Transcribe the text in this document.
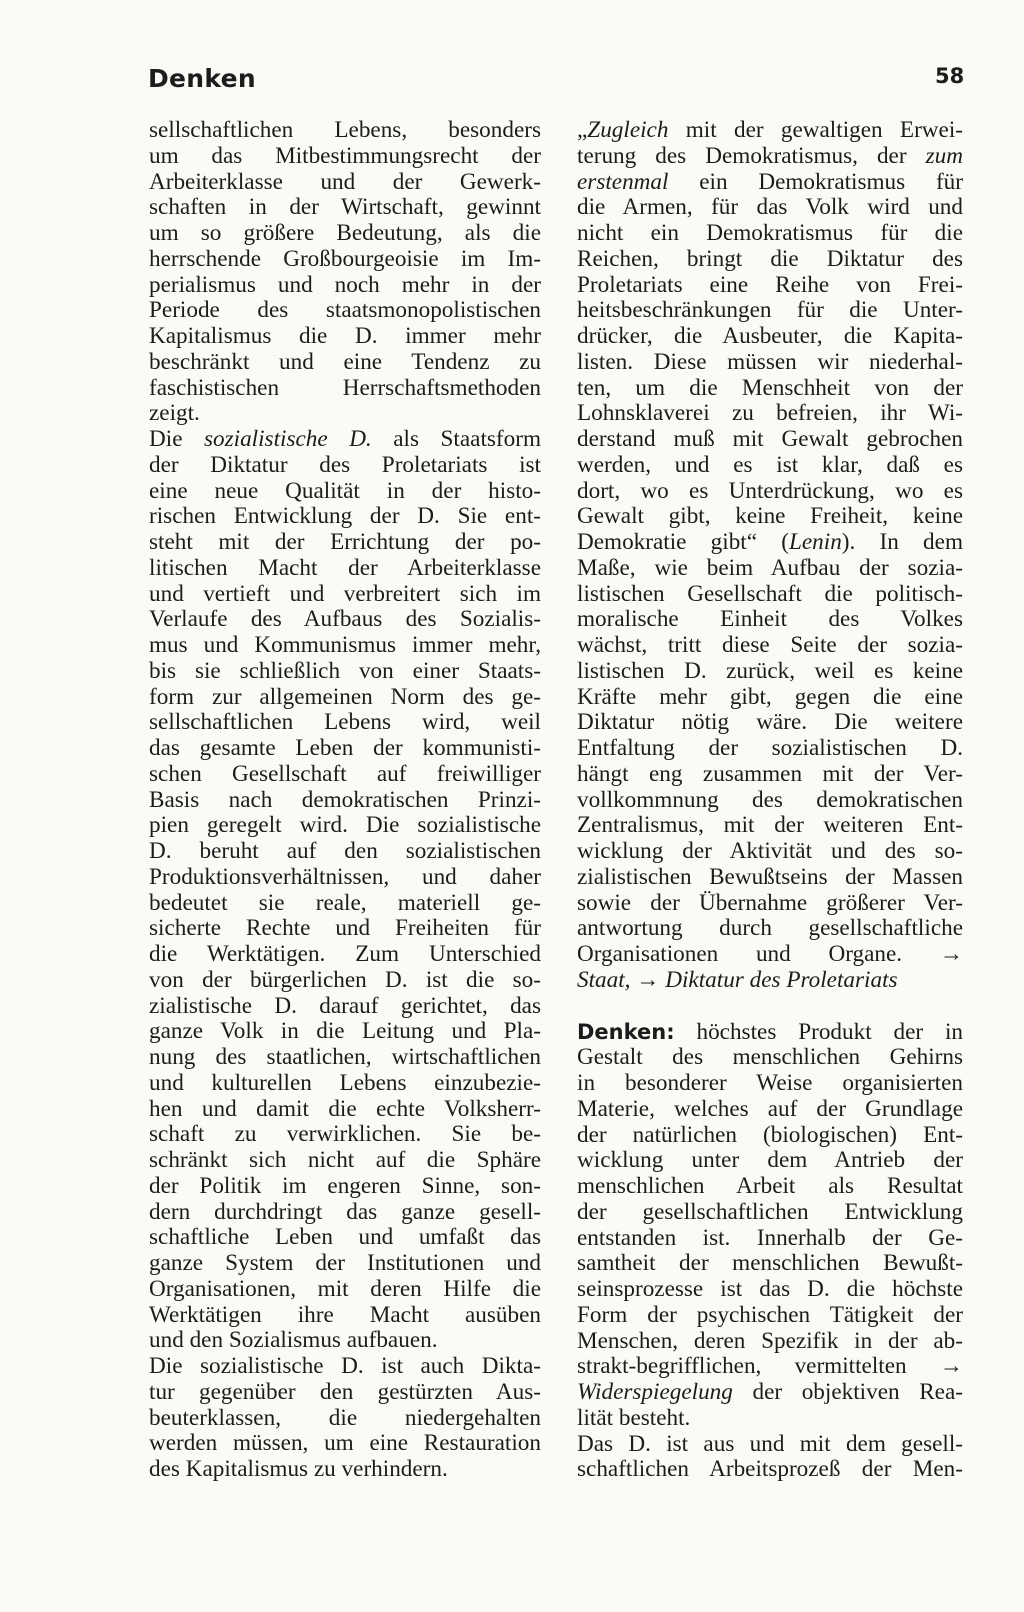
Denken	58
sellschaftlichen Lebens, besonders
um das Mitbestimmungsrecht der
Arbeiterklasse und der Gewerk-
schaften in der Wirtschaft, gewinnt
um so größere Bedeutung, als die
herrschende Großbourgeoisie im Im-
perialismus und noch mehr in der
Periode des staatsmonopolistischen
Kapitalismus die D. immer mehr
beschränkt und eine Tendenz zu
faschistischen Herrschaftsmethoden
zeigt.
Die sozialistische D. als Staatsform
der Diktatur des Proletariats ist
eine neue Qualität in der histo-
rischen Entwicklung der D. Sie ent-
steht mit der Errichtung der po-
litischen Macht der Arbeiterklasse
und vertieft und verbreitert sich im
Verlaufe des Aufbaus des Sozialis-
mus und Kommunismus immer mehr,
bis sie schließlich von einer Staats-
form zur allgemeinen Norm des ge-
sellschaftlichen Lebens wird, weil
das gesamte Leben der kommunisti-
schen Gesellschaft auf freiwilliger
Basis nach demokratischen Prinzi-
pien geregelt wird. Die sozialistische
D. beruht auf den sozialistischen
Produktionsverhältnissen, und daher
bedeutet sie reale, materiell ge-
sicherte Rechte und Freiheiten für
die Werktätigen. Zum Unterschied
von der bürgerlichen D. ist die so-
zialistische D. darauf gerichtet, das
ganze Volk in die Leitung und Pla-
nung des staatlichen, wirtschaftlichen
und kulturellen Lebens einzubezie-
hen und damit die echte Volksherr-
schaft zu verwirklichen. Sie be-
schränkt sich nicht auf die Sphäre
der Politik im engeren Sinne, son-
dern durchdringt das ganze gesell-
schaftliche Leben und umfaßt das
ganze System der Institutionen und
Organisationen, mit deren Hilfe die
Werktätigen ihre Macht ausüben
und den Sozialismus aufbauen.
Die sozialistische D. ist auch Dikta-
tur gegenüber den gestürzten Aus-
beuterklassen, die niedergehalten
werden müssen, um eine Restauration
des Kapitalismus zu verhindern.
„Zugleich mit der gewaltigen Erwei-
terung des Demokratismus, der zum
erstenmal ein Demokratismus für
die Armen, für das Volk wird und
nicht ein Demokratismus für die
Reichen, bringt die Diktatur des
Proletariats eine Reihe von Frei-
heitsbeschränkungen für die Unter-
drücker, die Ausbeuter, die Kapita-
listen. Diese müssen wir niederhal-
ten, um die Menschheit von der
Lohnsklaverei zu befreien, ihr Wi-
derstand muß mit Gewalt gebrochen
werden, und es ist klar, daß es
dort, wo es Unterdrückung, wo es
Gewalt gibt, keine Freiheit, keine
Demokratie gibt“ (Lenin). In dem
Maße, wie beim Aufbau der sozia-
listischen Gesellschaft die politisch-
moralische Einheit des Volkes
wächst, tritt diese Seite der sozia-
listischen D. zurück, weil es keine
Kräfte mehr gibt, gegen die eine
Diktatur nötig wäre. Die weitere
Entfaltung der sozialistischen D.
hängt eng zusammen mit der Ver-
vollkommnung des demokratischen
Zentralismus, mit der weiteren Ent-
wicklung der Aktivität und des so-
zialistischen Bewußtseins der Massen
sowie der Übernahme größerer Ver-
antwortung durch gesellschaftliche
Organisationen und Organe. →
Staat, → Diktatur des Proletariats
Denken: höchstes Produkt der in
Gestalt des menschlichen Gehirns
in besonderer Weise organisierten
Materie, welches auf der Grundlage
der natürlichen (biologischen) Ent-
wicklung unter dem Antrieb der
menschlichen Arbeit als Resultat
der gesellschaftlichen Entwicklung
entstanden ist. Innerhalb der Ge-
samtheit der menschlichen Bewußt-
seinsprozesse ist das D. die höchste
Form der psychischen Tätigkeit der
Menschen, deren Spezifik in der ab-
strakt-begrifflichen, vermittelten →
Widerspiegelung der objektiven Rea-
lität besteht.
Das D. ist aus und mit dem gesell-
schaftlichen Arbeitsprozeß der Men-
